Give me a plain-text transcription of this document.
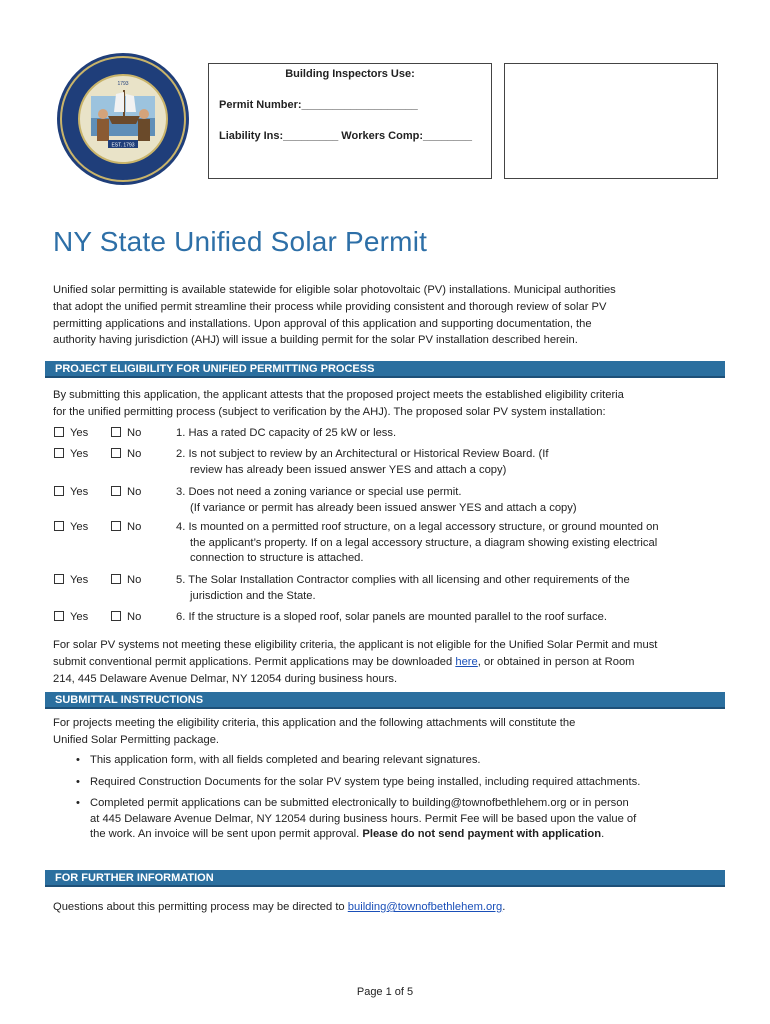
EST. 1793
1793
Building Inspectors Use:
Permit Number:___________________
Liability Ins:_________ Workers Comp:________
NY State Unified Solar Permit
Unified solar permitting is available statewide for eligible solar photovoltaic (PV) installations. Municipal authorities
that adopt the unified permit streamline their process while providing consistent and thorough review of solar PV
permitting applications and installations. Upon approval of this application and supporting documentation, the
authority having jurisdiction (AHJ) will issue a building permit for the solar PV installation described herein.
PROJECT ELIGIBILITY FOR UNIFIED PERMITTING PROCESS
By submitting this application, the applicant attests that the proposed project meets the established eligibility criteria
for the unified permitting process (subject to verification by the AHJ). The proposed solar PV system installation:
Yes	No	1. Has a rated DC capacity of 25 kW or less.
Yes	No	2. Is not subject to review by an Architectural or Historical Review Board. (If
review has already been issued answer YES and attach a copy)
Yes	No	3. Does not need a zoning variance or special use permit.
(If variance or permit has already been issued answer YES and attach a copy)
Yes	No	4. Is mounted on a permitted roof structure, on a legal accessory structure, or ground mounted on
the applicant’s property. If on a legal accessory structure, a diagram showing existing electrical
connection to structure is attached.
Yes	No	5. The Solar Installation Contractor complies with all licensing and other requirements of the
jurisdiction and the State.
Yes	No	6. If the structure is a sloped roof, solar panels are mounted parallel to the roof surface.
For solar PV systems not meeting these eligibility criteria, the applicant is not eligible for the Unified Solar Permit and must
submit conventional permit applications. Permit applications may be downloaded here, or obtained in person at Room
214, 445 Delaware Avenue Delmar, NY 12054 during business hours.
SUBMITTAL INSTRUCTIONS
For projects meeting the eligibility criteria, this application and the following attachments will constitute the
Unified Solar Permitting package.
• This application form, with all fields completed and bearing relevant signatures.
• Required Construction Documents for the solar PV system type being installed, including required attachments.
• Completed permit applications can be submitted electronically to building@townofbethlehem.org or in person
at 445 Delaware Avenue Delmar, NY 12054 during business hours. Permit Fee will be based upon the value of
the work. An invoice will be sent upon permit approval. Please do not send payment with application.
FOR FURTHER INFORMATION
Questions about this permitting process may be directed to building@townofbethlehem.org.
Page 1 of 5
